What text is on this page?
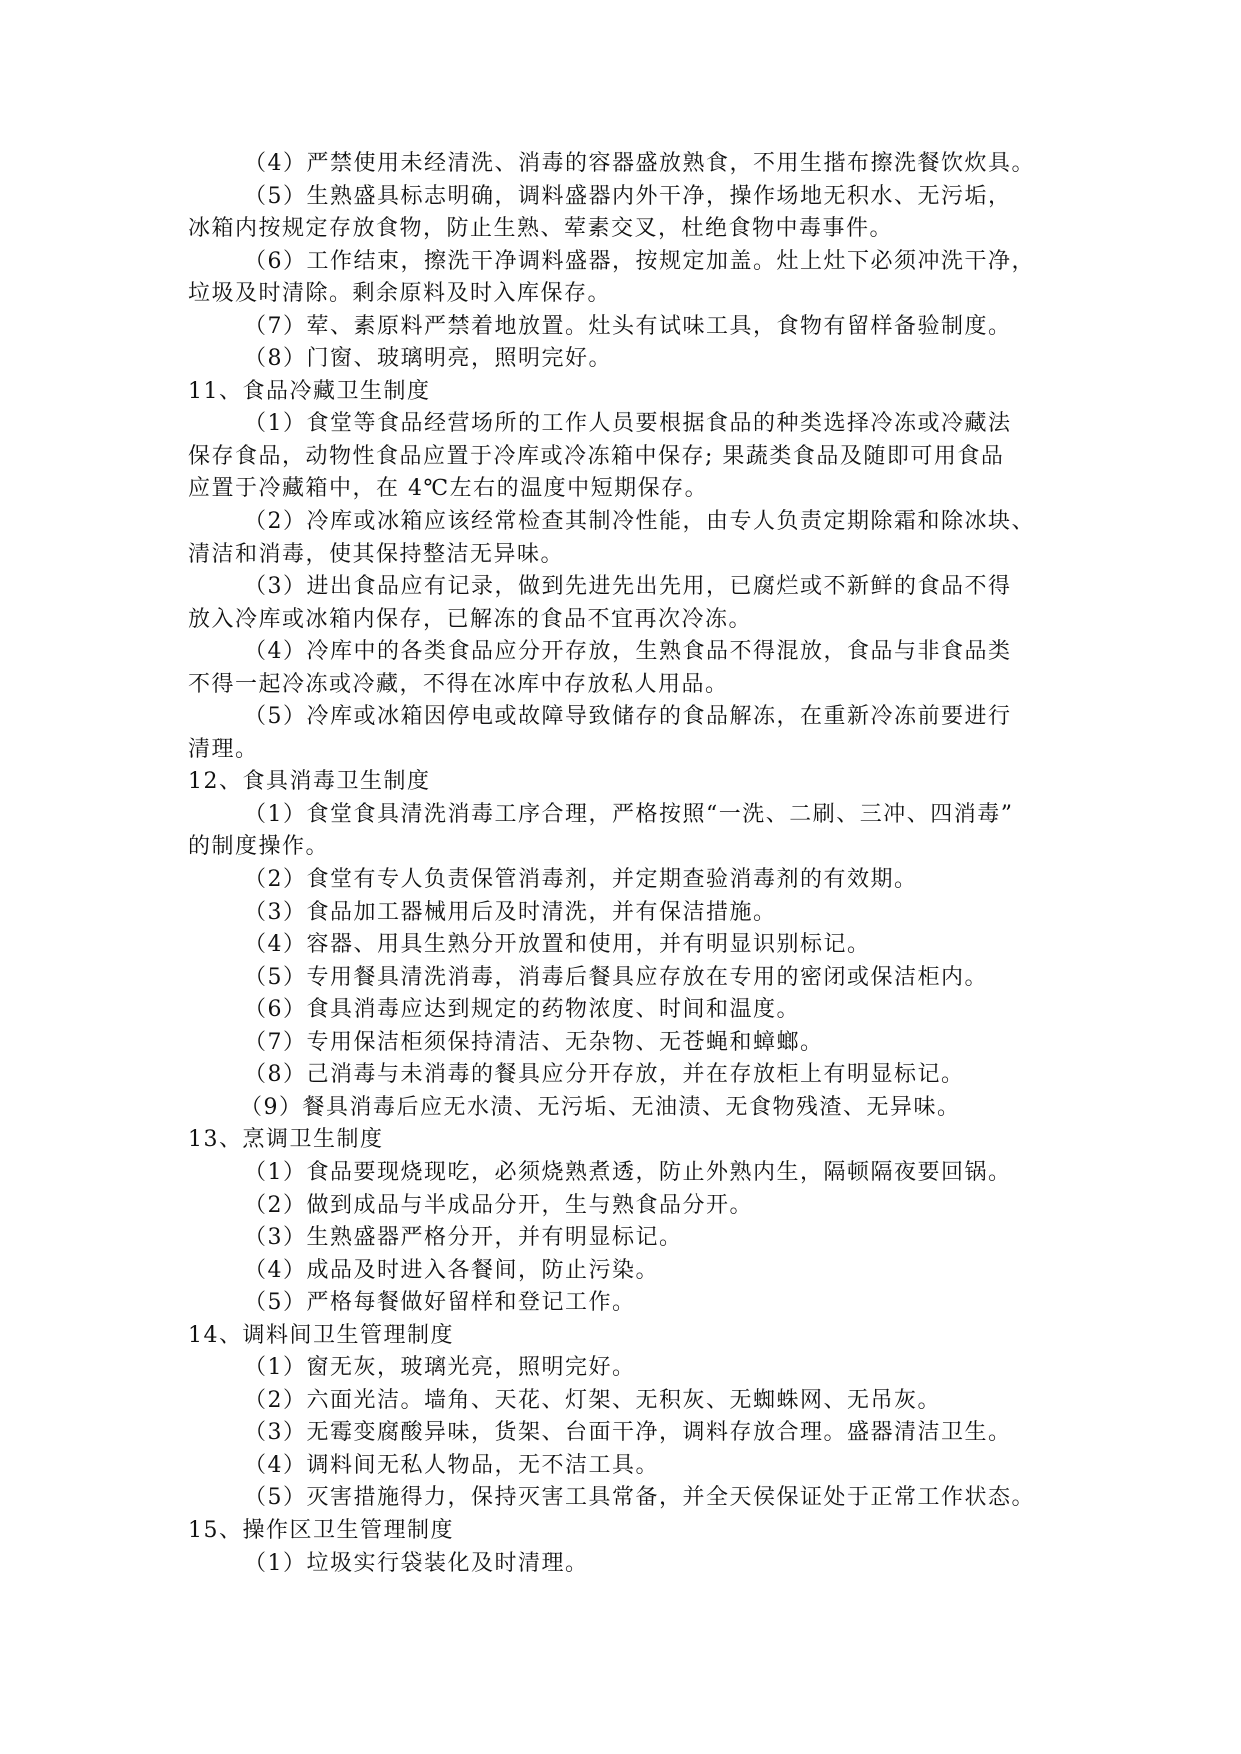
（4）严禁使用未经清洗、消毒的容器盛放熟食，不用生揩布擦洗餐饮炊具。
（5）生熟盛具标志明确，调料盛器内外干净，操作场地无积水、无污垢，
冰箱内按规定存放食物，防止生熟、荤素交叉，杜绝食物中毒事件。
（6）工作结束，擦洗干净调料盛器，按规定加盖。灶上灶下必须冲洗干净，
垃圾及时清除。剩余原料及时入库保存。
（7）荤、素原料严禁着地放置。灶头有试味工具，食物有留样备验制度。
（8）门窗、玻璃明亮，照明完好。
11、食品冷藏卫生制度
（1）食堂等食品经营场所的工作人员要根据食品的种类选择冷冻或冷藏法
保存食品，动物性食品应置于冷库或冷冻箱中保存; 果蔬类食品及随即可用食品
应置于冷藏箱中，在 4℃左右的温度中短期保存。
（2）冷库或冰箱应该经常检查其制冷性能，由专人负责定期除霜和除冰块、
清洁和消毒，使其保持整洁无异味。
（3）进出食品应有记录，做到先进先出先用，已腐烂或不新鲜的食品不得
放入冷库或冰箱内保存，已解冻的食品不宜再次冷冻。
（4）冷库中的各类食品应分开存放，生熟食品不得混放，食品与非食品类
不得一起冷冻或冷藏，不得在冰库中存放私人用品。
（5）冷库或冰箱因停电或故障导致储存的食品解冻，在重新冷冻前要进行
清理。
12、食具消毒卫生制度
（1）食堂食具清洗消毒工序合理，严格按照“一洗、二刷、三冲、四消毒”
的制度操作。
（2）食堂有专人负责保管消毒剂，并定期查验消毒剂的有效期。
（3）食品加工器械用后及时清洗，并有保洁措施。
（4）容器、用具生熟分开放置和使用，并有明显识别标记。
（5）专用餐具清洗消毒，消毒后餐具应存放在专用的密闭或保洁柜内。
（6）食具消毒应达到规定的药物浓度、时间和温度。
（7）专用保洁柜须保持清洁、无杂物、无苍蝇和蟑螂。
（8）己消毒与未消毒的餐具应分开存放，并在存放柜上有明显标记。
（9）餐具消毒后应无水渍、无污垢、无油渍、无食物残渣、无异味。
13、烹调卫生制度
（1）食品要现烧现吃，必须烧熟煮透，防止外熟内生，隔顿隔夜要回锅。
（2）做到成品与半成品分开，生与熟食品分开。
（3）生熟盛器严格分开，并有明显标记。
（4）成品及时进入各餐间，防止污染。
（5）严格每餐做好留样和登记工作。
14、调料间卫生管理制度
（1）窗无灰，玻璃光亮，照明完好。
（2）六面光洁。墙角、天花、灯架、无积灰、无蜘蛛网、无吊灰。
（3）无霉变腐酸异味，货架、台面干净，调料存放合理。盛器清洁卫生。
（4）调料间无私人物品，无不洁工具。
（5）灭害措施得力，保持灭害工具常备，并全天侯保证处于正常工作状态。
15、操作区卫生管理制度
（1）垃圾实行袋装化及时清理。
